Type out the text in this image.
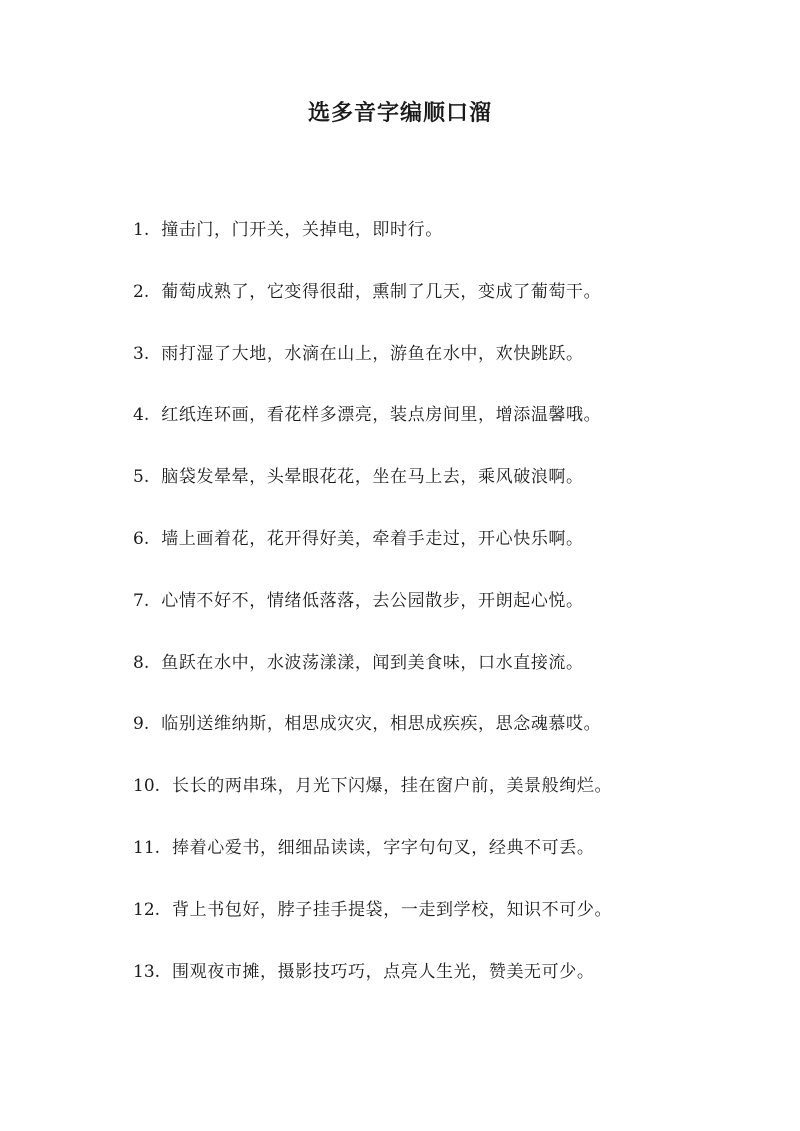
选多音字编顺口溜
1. 撞击门，门开关，关掉电，即时行。
2. 葡萄成熟了，它变得很甜，熏制了几天，变成了葡萄干。
3. 雨打湿了大地，水滴在山上，游鱼在水中，欢快跳跃。
4. 红纸连环画，看花样多漂亮，装点房间里，增添温馨哦。
5. 脑袋发晕晕，头晕眼花花，坐在马上去，乘风破浪啊。
6. 墙上画着花，花开得好美，牵着手走过，开心快乐啊。
7. 心情不好不，情绪低落落，去公园散步，开朗起心悦。
8. 鱼跃在水中，水波荡漾漾，闻到美食味，口水直接流。
9. 临别送维纳斯，相思成灾灾，相思成疾疾，思念魂慕哎。
10. 长长的两串珠，月光下闪爆，挂在窗户前，美景般绚烂。
11. 捧着心爱书，细细品读读，字字句句叉，经典不可丢。
12. 背上书包好，脖子挂手提袋，一走到学校，知识不可少。
13. 围观夜市摊，摄影技巧巧，点亮人生光，赞美无可少。
